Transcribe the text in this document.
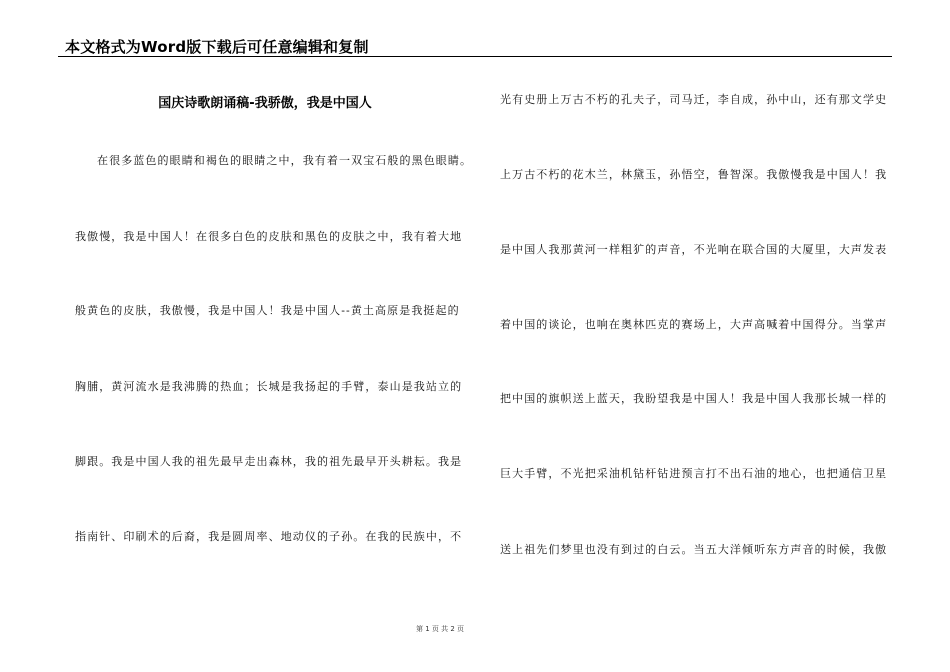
本文格式为Word版下载后可任意编辑和复制
国庆诗歌朗诵稿-我骄傲，我是中国人
在很多蓝色的眼睛和褐色的眼睛之中，我有着一双宝石般的黑色眼睛。
我傲慢，我是中国人！在很多白色的皮肤和黑色的皮肤之中，我有着大地
般黄色的皮肤，我傲慢，我是中国人！我是中国人--黄土高原是我挺起的
胸脯，黄河流水是我沸腾的热血；长城是我扬起的手臂，泰山是我站立的
脚跟。我是中国人我的祖先最早走出森林，我的祖先最早开头耕耘。我是
指南针、印刷术的后裔，我是圆周率、地动仪的子孙。在我的民族中，不
光有史册上万古不朽的孔夫子，司马迁，李自成，孙中山，还有那文学史
上万古不朽的花木兰，林黛玉，孙悟空，鲁智深。我傲慢我是中国人！我
是中国人我那黄河一样粗犷的声音，不光响在联合国的大厦里，大声发表
着中国的谈论，也响在奥林匹克的赛场上，大声高喊着中国得分。当掌声
把中国的旗帜送上蓝天，我盼望我是中国人！我是中国人我那长城一样的
巨大手臂，不光把采油机钻杆钻进预言打不出石油的地心，也把通信卫星
送上祖先们梦里也没有到过的白云。当五大洋倾听东方声音的时候，我傲
第 1 页 共 2 页
